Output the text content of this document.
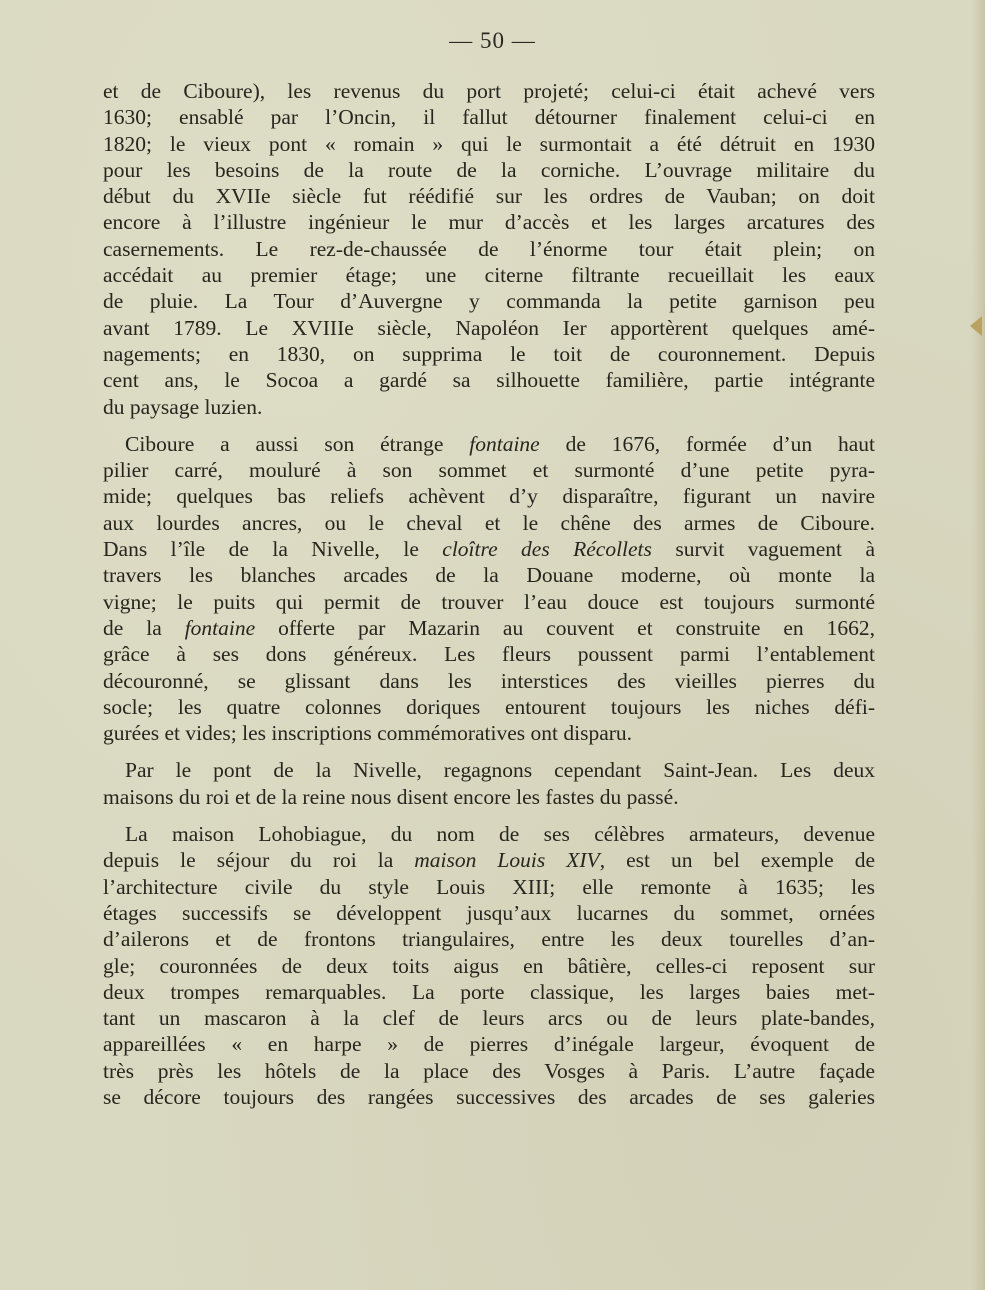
— 50 —
et de Ciboure), les revenus du port projeté; celui-ci était achevé vers
1630; ensablé par l’Oncin, il fallut détourner finalement celui-ci en
1820; le vieux pont « romain » qui le surmontait a été détruit en 1930
pour les besoins de la route de la corniche. L’ouvrage militaire du
début du XVIIe siècle fut réédifié sur les ordres de Vauban; on doit
encore à l’illustre ingénieur le mur d’accès et les larges arcatures des
casernements. Le rez-de-chaussée de l’énorme tour était plein; on
accédait au premier étage; une citerne filtrante recueillait les eaux
de pluie. La Tour d’Auvergne y commanda la petite garnison peu
avant 1789. Le XVIIIe siècle, Napoléon Ier apportèrent quelques amé-
nagements; en 1830, on supprima le toit de couronnement. Depuis
cent ans, le Socoa a gardé sa silhouette familière, partie intégrante
du paysage luzien.
Ciboure a aussi son étrange fontaine de 1676, formée d’un haut
pilier carré, mouluré à son sommet et surmonté d’une petite pyra-
mide; quelques bas reliefs achèvent d’y disparaître, figurant un navire
aux lourdes ancres, ou le cheval et le chêne des armes de Ciboure.
Dans l’île de la Nivelle, le cloître des Récollets survit vaguement à
travers les blanches arcades de la Douane moderne, où monte la
vigne; le puits qui permit de trouver l’eau douce est toujours surmonté
de la fontaine offerte par Mazarin au couvent et construite en 1662,
grâce à ses dons généreux. Les fleurs poussent parmi l’entablement
découronné, se glissant dans les interstices des vieilles pierres du
socle; les quatre colonnes doriques entourent toujours les niches défi-
gurées et vides; les inscriptions commémoratives ont disparu.
Par le pont de la Nivelle, regagnons cependant Saint-Jean. Les deux
maisons du roi et de la reine nous disent encore les fastes du passé.
La maison Lohobiague, du nom de ses célèbres armateurs, devenue
depuis le séjour du roi la maison Louis XIV, est un bel exemple de
l’architecture civile du style Louis XIII; elle remonte à 1635; les
étages successifs se développent jusqu’aux lucarnes du sommet, ornées
d’ailerons et de frontons triangulaires, entre les deux tourelles d’an-
gle; couronnées de deux toits aigus en bâtière, celles-ci reposent sur
deux trompes remarquables. La porte classique, les larges baies met-
tant un mascaron à la clef de leurs arcs ou de leurs plate-bandes,
appareillées « en harpe » de pierres d’inégale largeur, évoquent de
très près les hôtels de la place des Vosges à Paris. L’autre façade
se décore toujours des rangées successives des arcades de ses galeries
